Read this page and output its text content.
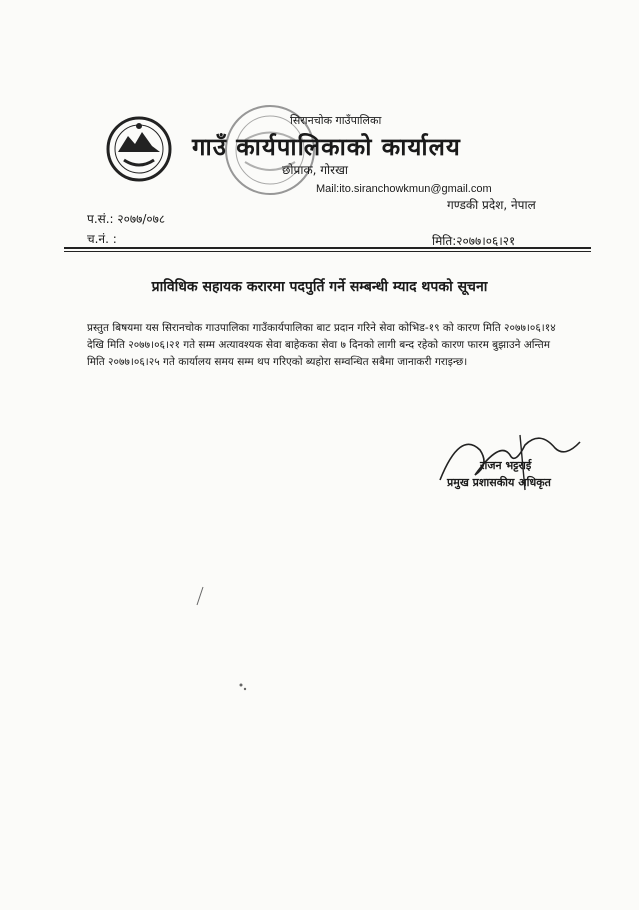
सिरानचोक गाउँपालिका
गाउँ कार्यपालिकाको कार्यालय
छोप्राक, गोरखा
Mail:ito.siranchowkmun@gmail.com
गण्डकी प्रदेश, नेपाल
प.सं.: २०७७/०७८
च.नं. :	मिति:२०७७।०६।२१
प्राविधिक सहायक करारमा पदपुर्ति गर्ने सम्बन्धी म्याद थपको सूचना
प्रस्तुत बिषयमा यस सिरानचोक गाउपालिका गाउँकार्यपालिका बाट प्रदान गरिने सेवा कोभिड-१९ को कारण मिति २०७७।०६।१४ देखि मिति २०७७।०६।२१ गते सम्म अत्यावश्यक सेवा बाहेकका सेवा ७ दिनको लागी बन्द रहेको कारण फारम बुझाउने अन्तिम मिति २०७७।०६।२५ गते कार्यालय समय सम्म थप गरिएको ब्यहोरा सम्वन्धित सबैमा जानाकरी गराइन्छ।
राजन भट्टराई
प्रमुख प्रशासकीय अधिकृत
